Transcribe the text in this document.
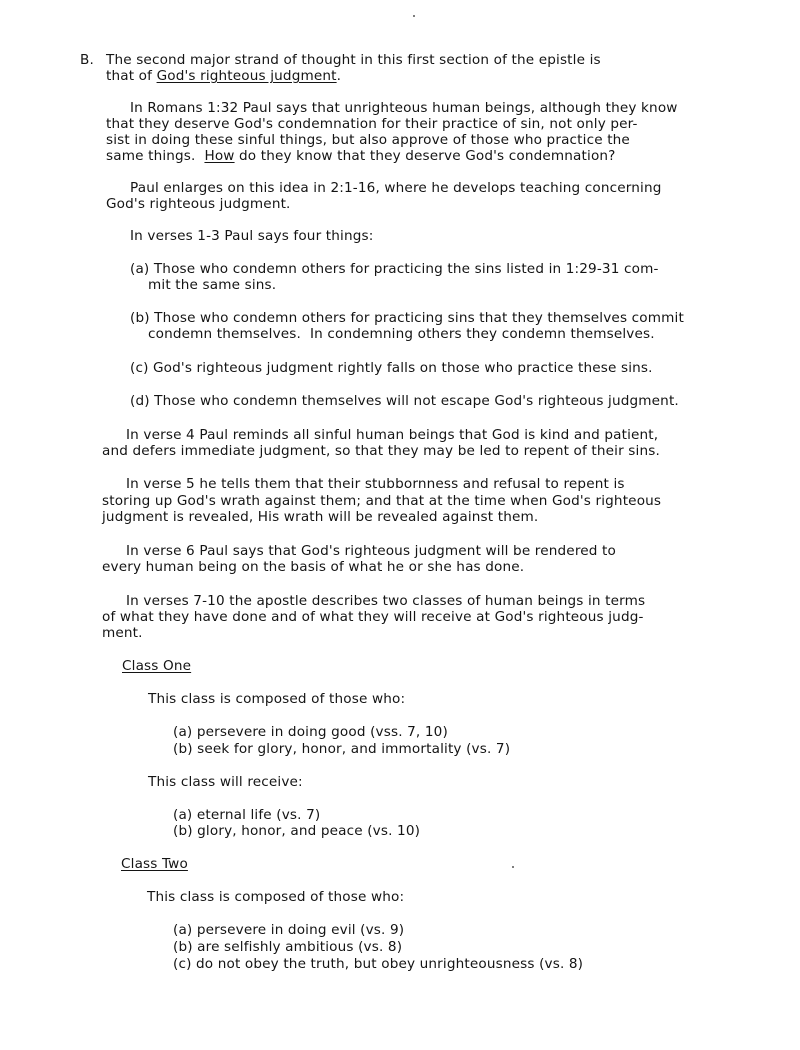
B. The second major strand of thought in this first section of the epistle is
that of God's righteous judgment.
In Romans 1:32 Paul says that unrighteous human beings, although they know
that they deserve God's condemnation for their practice of sin, not only per-
sist in doing these sinful things, but also approve of those who practice the
same things.  How do they know that they deserve God's condemnation?
Paul enlarges on this idea in 2:1-16, where he develops teaching concerning
God's righteous judgment.
In verses 1-3 Paul says four things:
(a) Those who condemn others for practicing the sins listed in 1:29-31 com-
mit the same sins.
(b) Those who condemn others for practicing sins that they themselves commit
condemn themselves.  In condemning others they condemn themselves.
(c) God's righteous judgment rightly falls on those who practice these sins.
(d) Those who condemn themselves will not escape God's righteous judgment.
In verse 4 Paul reminds all sinful human beings that God is kind and patient,
and defers immediate judgment, so that they may be led to repent of their sins.
In verse 5 he tells them that their stubbornness and refusal to repent is
storing up God's wrath against them; and that at the time when God's righteous
judgment is revealed, His wrath will be revealed against them.
In verse 6 Paul says that God's righteous judgment will be rendered to
every human being on the basis of what he or she has done.
In verses 7-10 the apostle describes two classes of human beings in terms
of what they have done and of what they will receive at God's righteous judg-
ment.
Class One
This class is composed of those who:
(a) persevere in doing good (vss. 7, 10)
(b) seek for glory, honor, and immortality (vs. 7)
This class will receive:
(a) eternal life (vs. 7)
(b) glory, honor, and peace (vs. 10)
Class Two
This class is composed of those who:
(a) persevere in doing evil (vs. 9)
(b) are selfishly ambitious (vs. 8)
(c) do not obey the truth, but obey unrighteousness (vs. 8)
